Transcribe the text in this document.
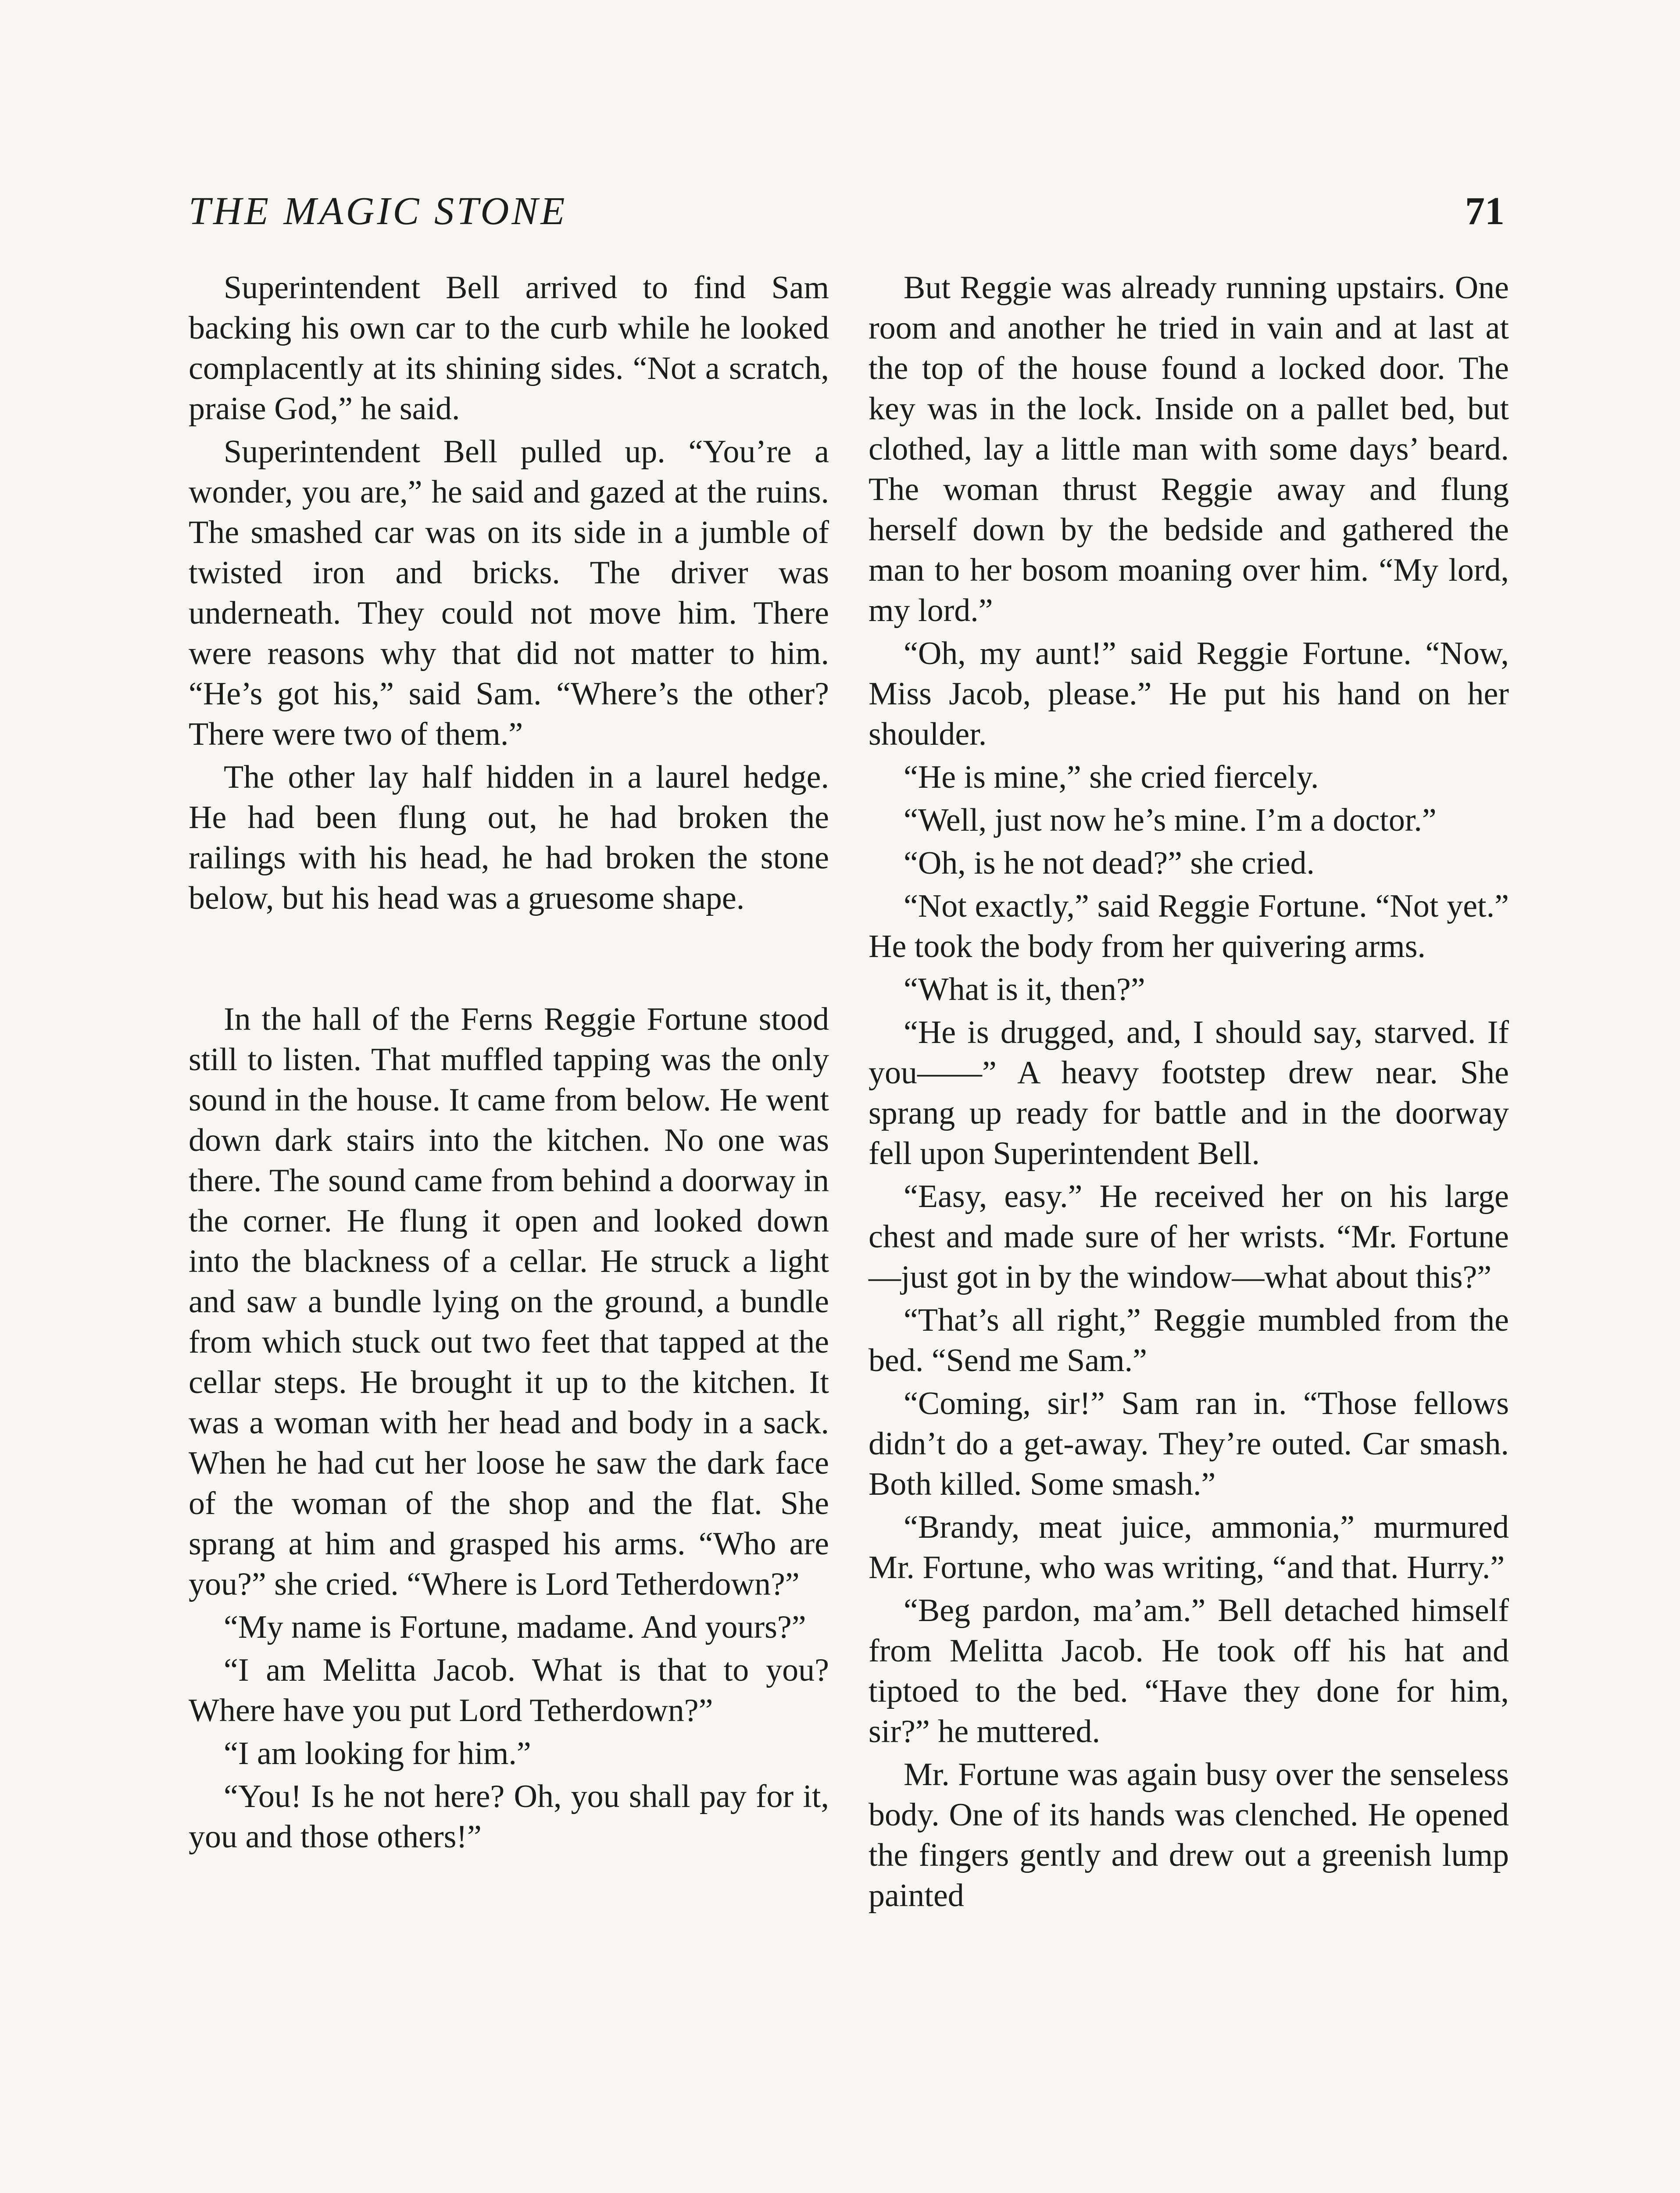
THE MAGIC STONE	71

Superintendent Bell arrived to find Sam backing his own car to the curb while he looked complacently at its shining sides. “Not a scratch, praise God,” he said.

Superintendent Bell pulled up. “You’re a wonder, you are,” he said and gazed at the ruins. The smashed car was on its side in a jumble of twisted iron and bricks. The driver was underneath. They could not move him. There were reasons why that did not matter to him. “He’s got his,” said Sam. “Where’s the other? There were two of them.”

The other lay half hidden in a laurel hedge. He had been flung out, he had broken the railings with his head, he had broken the stone below, but his head was a gruesome shape.

In the hall of the Ferns Reggie Fortune stood still to listen. That muffled tapping was the only sound in the house. It came from below. He went down dark stairs into the kitchen. No one was there. The sound came from behind a doorway in the corner. He flung it open and looked down into the blackness of a cellar. He struck a light and saw a bundle lying on the ground, a bundle from which stuck out two feet that tapped at the cellar steps. He brought it up to the kitchen. It was a woman with her head and body in a sack. When he had cut her loose he saw the dark face of the woman of the shop and the flat. She sprang at him and grasped his arms. “Who are you?” she cried. “Where is Lord Tetherdown?”

“My name is Fortune, madame. And yours?”

“I am Melitta Jacob. What is that to you? Where have you put Lord Tetherdown?”

“I am looking for him.”

“You! Is he not here? Oh, you shall pay for it, you and those others!”

But Reggie was already running upstairs. One room and another he tried in vain and at last at the top of the house found a locked door. The key was in the lock. Inside on a pallet bed, but clothed, lay a little man with some days’ beard. The woman thrust Reggie away and flung herself down by the bedside and gathered the man to her bosom moaning over him. “My lord, my lord.”

“Oh, my aunt!” said Reggie Fortune. “Now, Miss Jacob, please.” He put his hand on her shoulder.

“He is mine,” she cried fiercely.

“Well, just now he’s mine. I’m a doctor.”

“Oh, is he not dead?” she cried.

“Not exactly,” said Reggie Fortune. “Not yet.” He took the body from her quivering arms.

“What is it, then?”

“He is drugged, and, I should say, starved. If you——” A heavy footstep drew near. She sprang up ready for battle and in the doorway fell upon Superintendent Bell.

“Easy, easy.” He received her on his large chest and made sure of her wrists. “Mr. Fortune—just got in by the window—what about this?”

“That’s all right,” Reggie mumbled from the bed. “Send me Sam.”

“Coming, sir!” Sam ran in. “Those fellows didn’t do a get-away. They’re outed. Car smash. Both killed. Some smash.”

“Brandy, meat juice, ammonia,” murmured Mr. Fortune, who was writing, “and that. Hurry.”

“Beg pardon, ma’am.” Bell detached himself from Melitta Jacob. He took off his hat and tiptoed to the bed. “Have they done for him, sir?” he muttered.

Mr. Fortune was again busy over the senseless body. One of its hands was clenched. He opened the fingers gently and drew out a greenish lump painted
